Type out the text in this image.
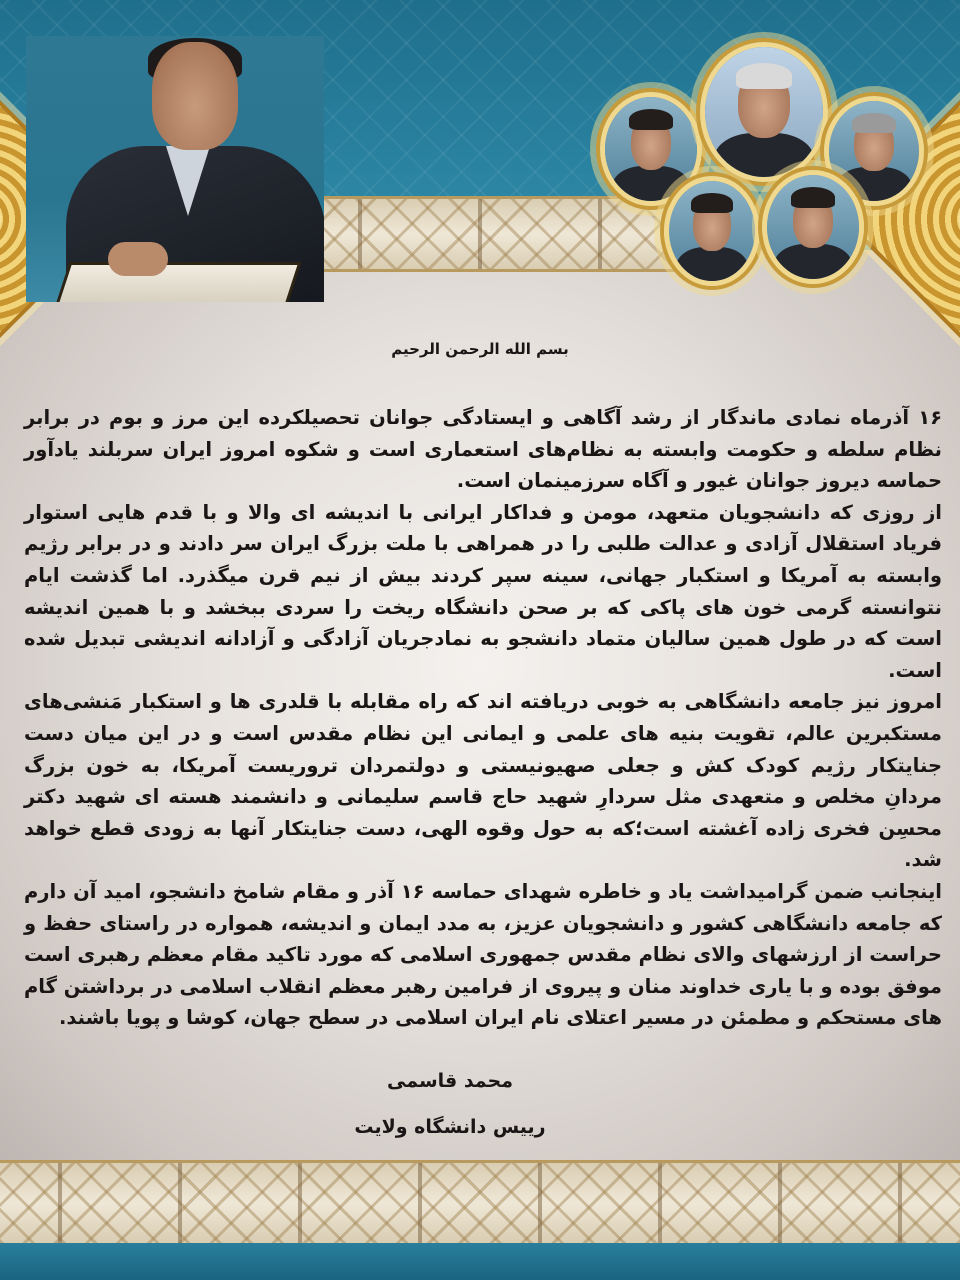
بسم الله الرحمن الرحیم

۱۶ آذرماه نمادی ماندگار از رشد آگاهی و ایستادگی جوانان تحصیلکرده این مرز و بوم در برابر نظام سلطه و حکومت وابسته به نظام‌های استعماری است و شکوه امروز ایران سربلند یادآور حماسه دیروز جوانان غیور و آگاه سرزمینمان است.

از روزی که دانشجویان متعهد، مومن و فداکار ایرانی با اندیشه ای والا و با قدم هایی استوار فریاد استقلال آزادی و عدالت طلبی را در همراهی با ملت بزرگ ایران سر دادند و در برابر رژیم وابسته به آمریکا و استکبار جهانی، سینه سپر کردند بیش از نیم قرن میگذرد. اما گذشت ایام نتوانسته گرمی خون های پاکی که بر صحن دانشگاه ریخت را سردی ببخشد و با همین اندیشه است که در طول همین سالیان متماد دانشجو به نمادجریان آزادگی و آزادانه اندیشی تبدیل شده است.

امروز نیز جامعه دانشگاهی به خوبی دریافته اند که راه مقابله با قلدری ها و استکبار مَنشی‌های مستکبرین عالم، تقویت بنیه های علمی و ایمانی این نظام مقدس است و در این میان دست جنایتکار رژیم کودک کش و جعلی صهیونیستی و دولتمردان تروریست آمریکا، به خون بزرگ مردانِ مخلص و متعهدی مثل سردارِ شهید حاج قاسم سلیمانی و دانشمند هسته ای شهید دکتر محسِن فخری زاده آغشته است؛که به حول وقوه الهی، دست جنایتکار آنها به زودی قطع خواهد شد.

اینجانب ضمن گرامیداشت یاد و خاطره شهدای حماسه ۱۶ آذر و مقام شامخ دانشجو، امید آن دارم که جامعه دانشگاهی کشور و دانشجویان عزیز، به مدد ایمان و اندیشه، همواره در راستای حفظ و حراست از ارزشهای والای نظام مقدس جمهوری اسلامی که مورد تاکید مقام معظم رهبری است موفق بوده و با یاری خداوند منان و پیروی از فرامین رهبر معظم انقلاب اسلامی در برداشتن گام های مستحکم و مطمئن در مسیر اعتلای نام ایران اسلامی در سطح جهان، کوشا و پویا باشند.

محمد قاسمی
رییس دانشگاه ولایت
